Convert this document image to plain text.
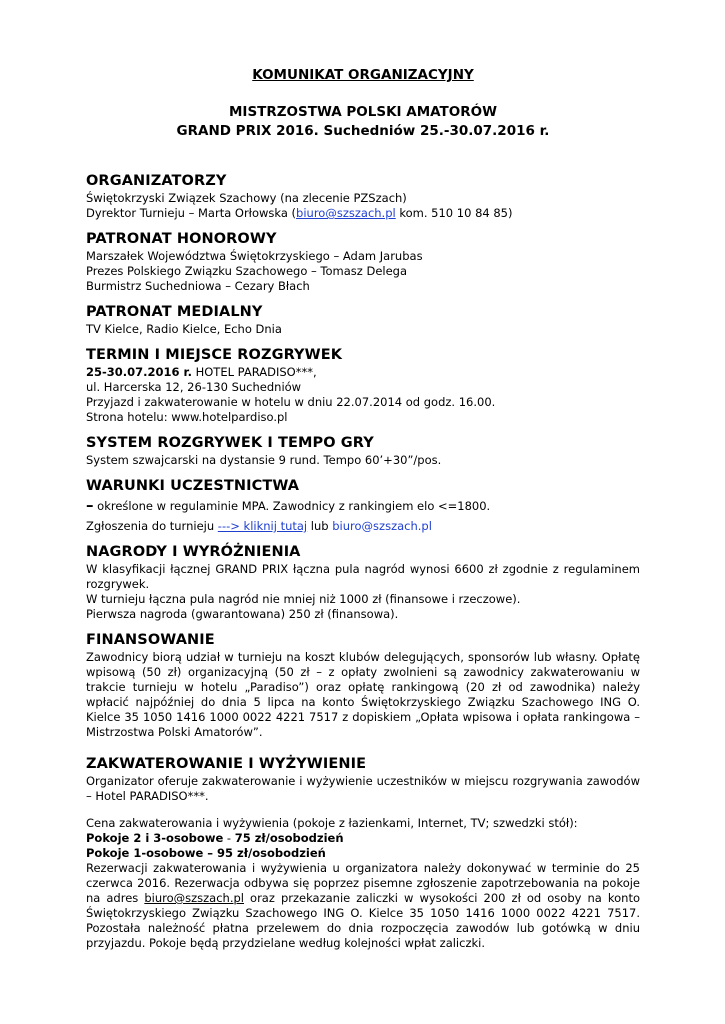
KOMUNIKAT ORGANIZACYJNY
MISTRZOSTWA POLSKI AMATORÓW
GRAND PRIX 2016. Suchedniów 25.-30.07.2016 r.
ORGANIZATORZY

Świętokrzyski Związek Szachowy (na zlecenie PZSzach)

Dyrektor Turnieju – Marta Orłowska (biuro@szszach.pl kom. 510 10 84 85)

PATRONAT HONOROWY

Marszałek Województwa Świętokrzyskiego – Adam Jarubas

Prezes Polskiego Związku Szachowego – Tomasz Delega

Burmistrz Suchedniowa – Cezary Błach

PATRONAT MEDIALNY

TV Kielce, Radio Kielce, Echo Dnia

TERMIN I MIEJSCE ROZGRYWEK

25-30.07.2016 r. HOTEL PARADISO***,

ul. Harcerska 12, 26-130 Suchedniów

Przyjazd i zakwaterowanie w hotelu w dniu 22.07.2014 od godz. 16.00.

Strona hotelu: www.hotelpardiso.pl

SYSTEM ROZGRYWEK I TEMPO GRY

System szwajcarski na dystansie 9 rund. Tempo 60’+30”/pos.

WARUNKI UCZESTNICTWA

– określone w regulaminie MPA. Zawodnicy z rankingiem elo <=1800.

Zgłoszenia do turnieju ---> kliknij tutaj lub biuro@szszach.pl

NAGRODY I WYRÓŻNIENIA

W klasyfikacji łącznej GRAND PRIX łączna pula nagród wynosi 6600 zł zgodnie z regulaminem rozgrywek.

W turnieju łączna pula nagród nie mniej niż 1000 zł (finansowe i rzeczowe).

Pierwsza nagroda (gwarantowana) 250 zł (finansowa).

FINANSOWANIE

Zawodnicy biorą udział w turnieju na koszt klubów delegujących, sponsorów lub własny. Opłatę wpisową (50 zł) organizacyjną (50 zł – z opłaty zwolnieni są zawodnicy zakwaterowaniu w trakcie turnieju w hotelu „Paradiso”) oraz opłatę rankingową (20 zł od zawodnika) należy wpłacić najpóźniej do dnia 5 lipca na konto Świętokrzyskiego Związku Szachowego ING O. Kielce 35 1050 1416 1000 0022 4221 7517 z dopiskiem „Opłata wpisowa i opłata rankingowa – Mistrzostwa Polski Amatorów”.

ZAKWATEROWANIE I WYŻYWIENIE

Organizator oferuje zakwaterowanie i wyżywienie uczestników w miejscu rozgrywania zawodów – Hotel PARADISO***.

Cena zakwaterowania i wyżywienia (pokoje z łazienkami, Internet, TV; szwedzki stół):

Pokoje 2 i 3-osobowe - 75 zł/osobodzień

Pokoje 1-osobowe – 95 zł/osobodzień

Rezerwacji zakwaterowania i wyżywienia u organizatora należy dokonywać w terminie do 25 czerwca 2016. Rezerwacja odbywa się poprzez pisemne zgłoszenie zapotrzebowania na pokoje na adres biuro@szszach.pl oraz przekazanie zaliczki w wysokości 200 zł od osoby na konto Świętokrzyskiego Związku Szachowego ING O. Kielce 35 1050 1416 1000 0022 4221 7517. Pozostała należność płatna przelewem do dnia rozpoczęcia zawodów lub gotówką w dniu przyjazdu. Pokoje będą przydzielane według kolejności wpłat zaliczki.
